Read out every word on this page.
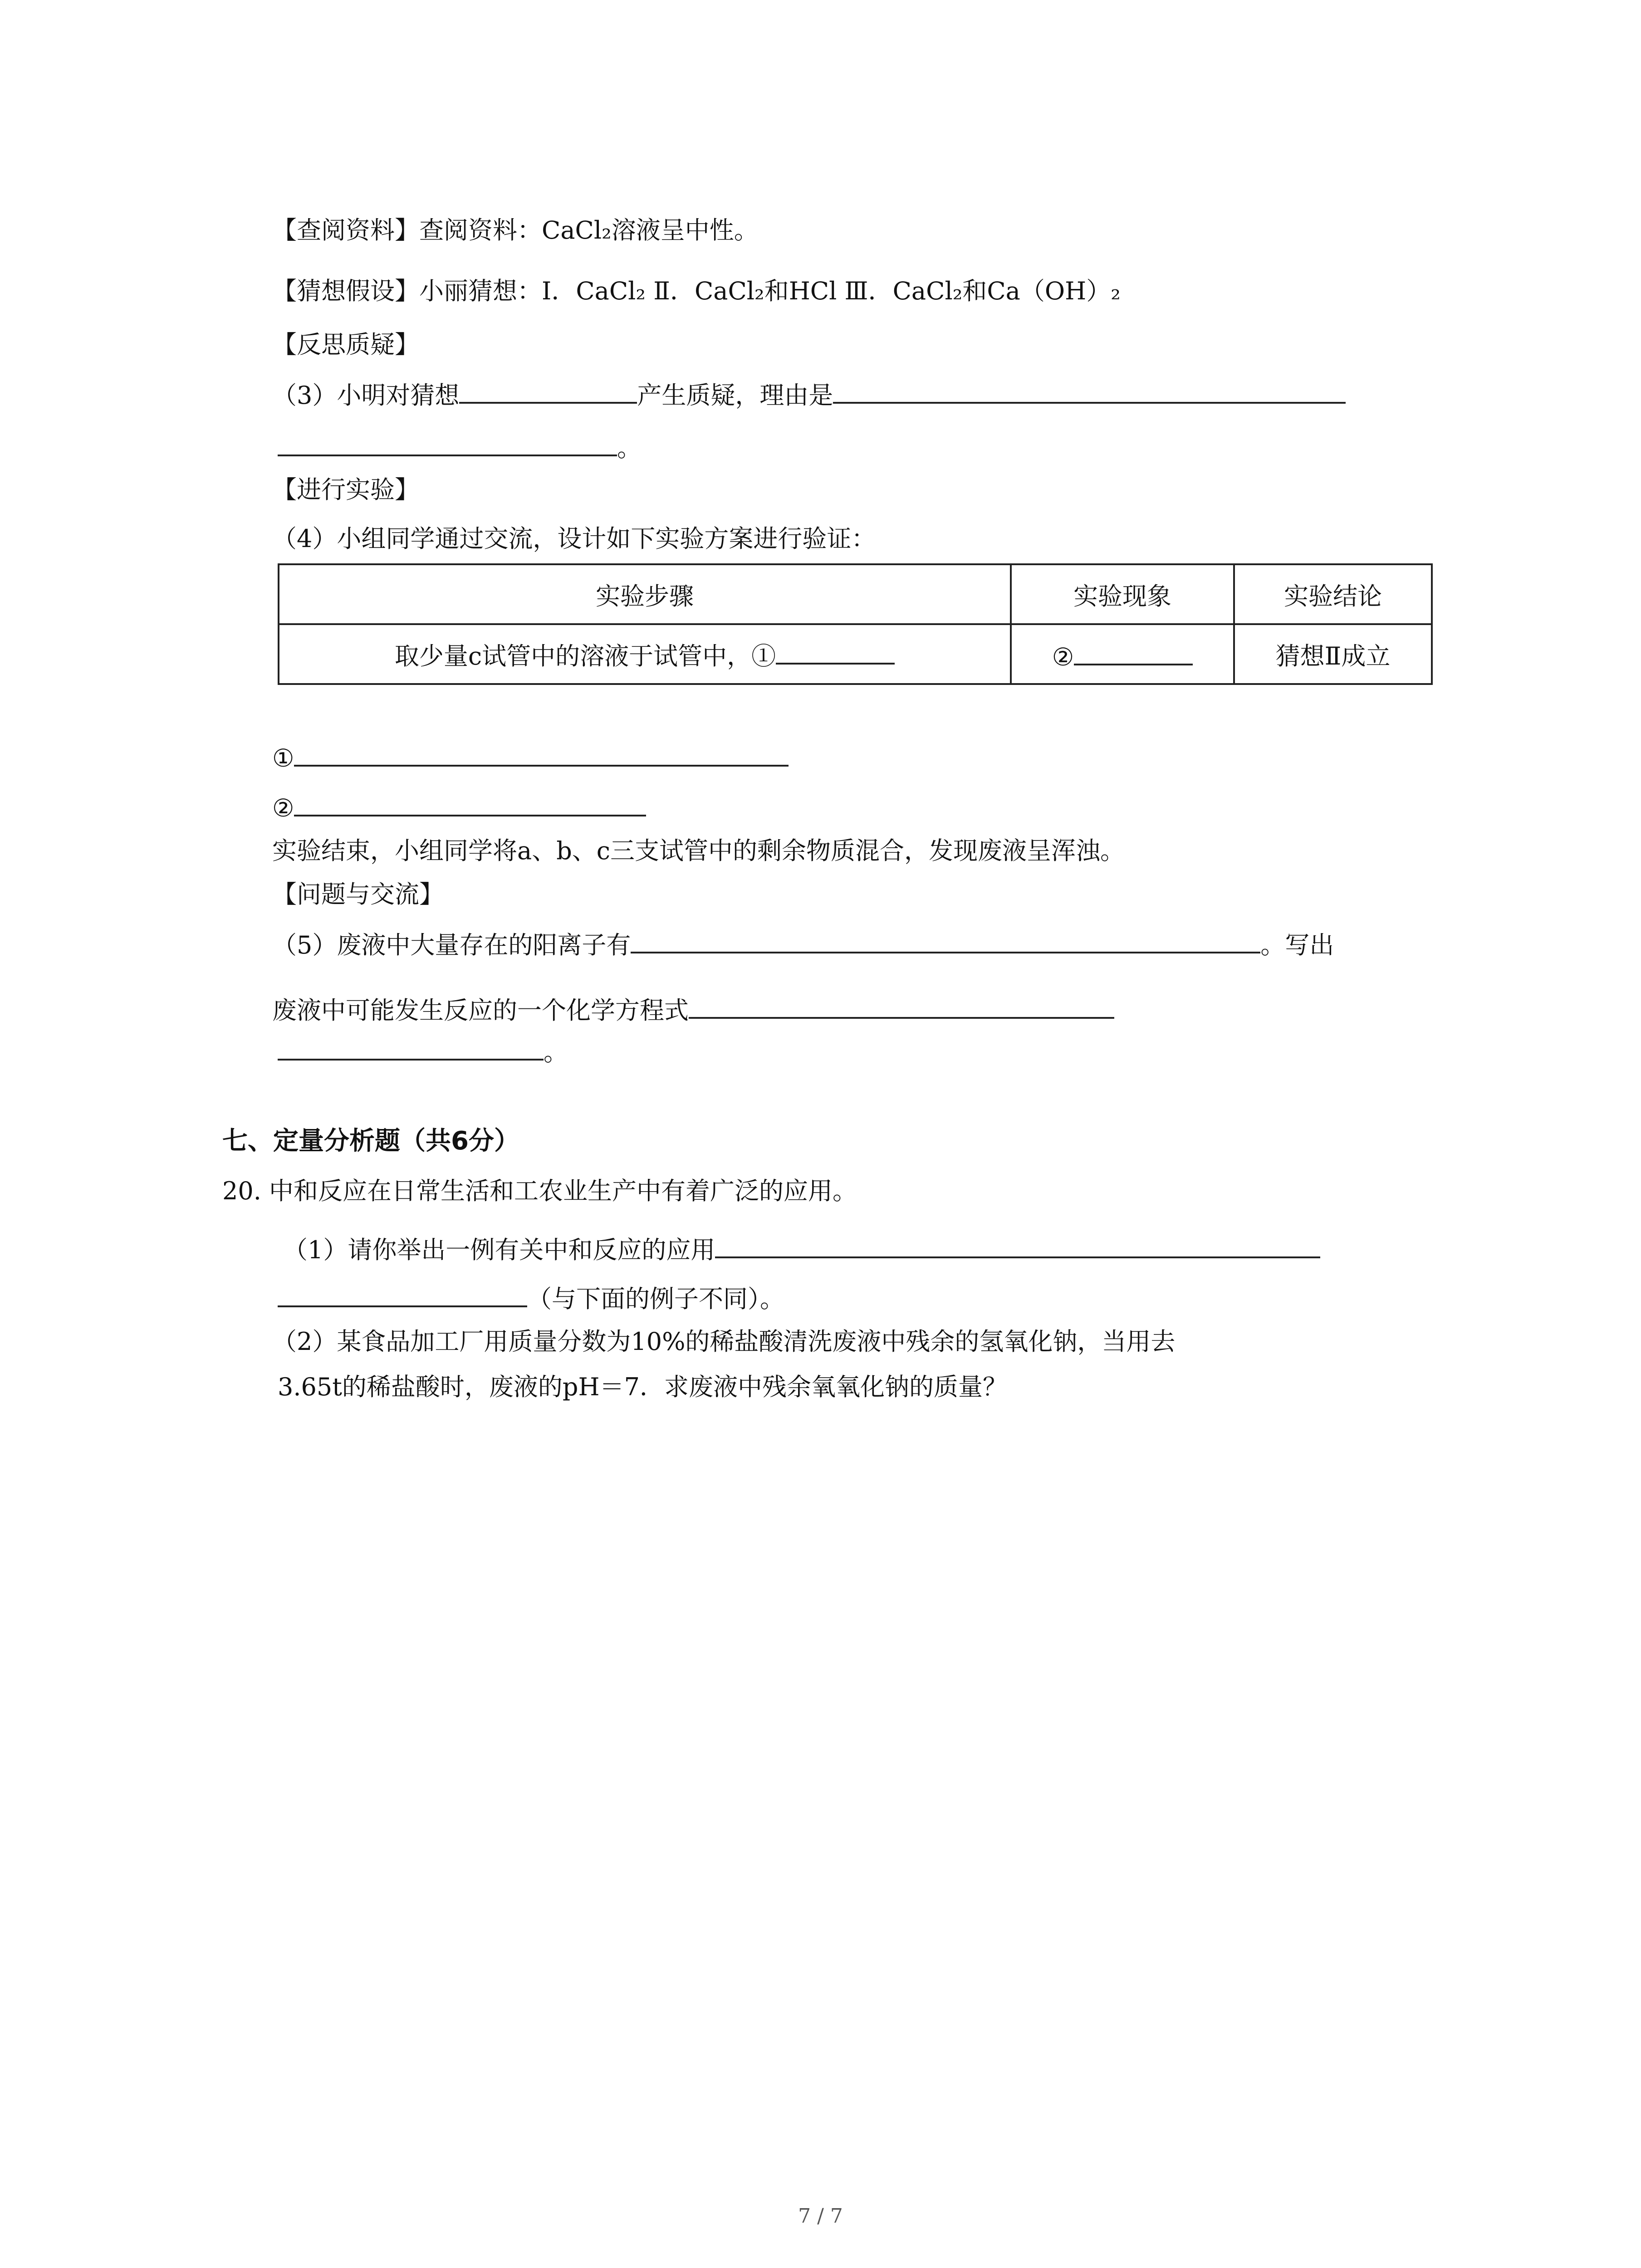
【查阅资料】查阅资料：CaCl₂溶液呈中性。
【猜想假设】小丽猜想：Ⅰ．CaCl₂ Ⅱ．CaCl₂和HCl Ⅲ．CaCl₂和Ca（OH）₂
【反思质疑】
（3）小明对猜想	产生质疑，理由是
。
【进行实验】
（4）小组同学通过交流，设计如下实验方案进行验证：
实验步骤	实验现象	实验结论
取少量c试管中的溶液于试管中，①	②	猜想Ⅱ成立
①
②
实验结束，小组同学将a、b、c三支试管中的剩余物质混合，发现废液呈浑浊。
【问题与交流】
（5）废液中大量存在的阳离子有	。写出
废液中可能发生反应的一个化学方程式
。
七、定量分析题（共6分）
20. 中和反应在日常生活和工农业生产中有着广泛的应用。
（1）请你举出一例有关中和反应的应用
（与下面的例子不同）。
（2）某食品加工厂用质量分数为10%的稀盐酸清洗废液中残余的氢氧化钠，当用去
3.65t的稀盐酸时，废液的pH＝7．求废液中残余氧氧化钠的质量？
7 / 7
